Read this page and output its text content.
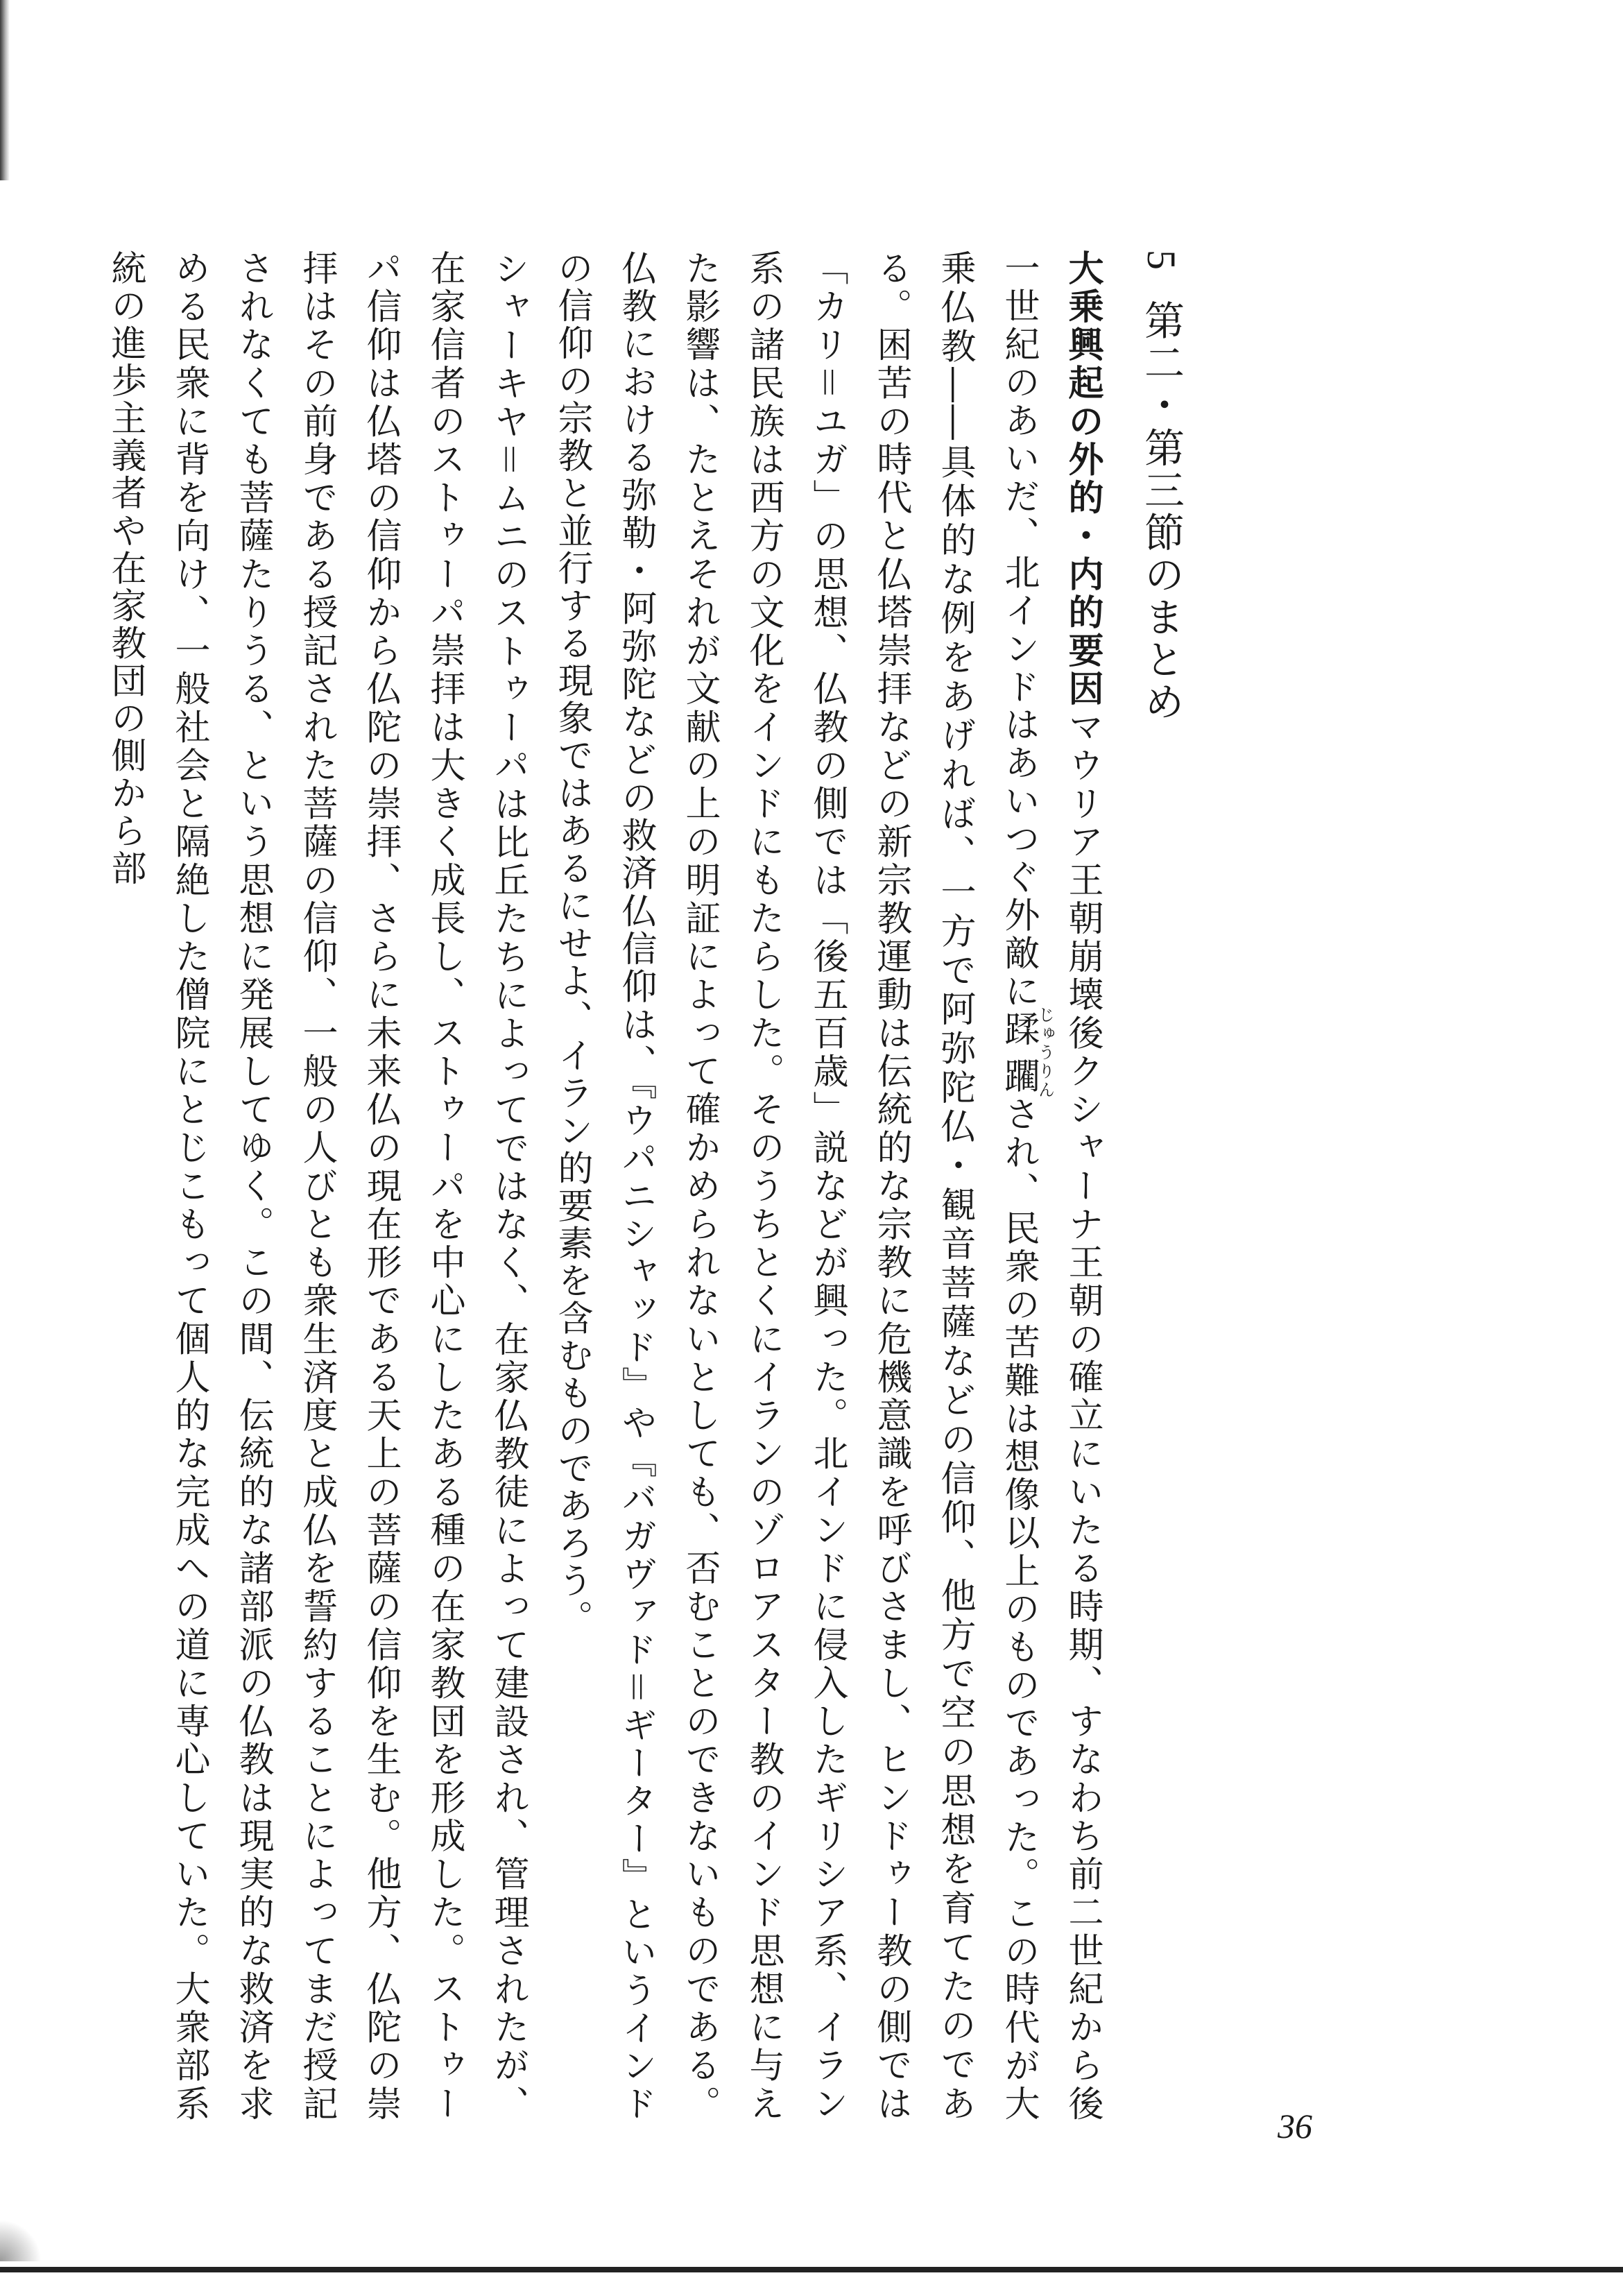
5第二・第三節のまとめ
大乗興起の外的・内的要因マウリア王朝崩壊後クシャーナ王朝の確立にいたる時期、すなわち前二世紀から後一世紀のあいだ、北インドはあいつぐ外敵に蹂躙じゅうりんされ、民衆の苦難は想像以上のものであった。この時代が大乗仏教――具体的な例をあげれば、一方で阿弥陀仏・観音菩薩などの信仰、他方で空の思想を育てたのである。困苦の時代と仏塔崇拝などの新宗教運動は伝統的な宗教に危機意識を呼びさまし、ヒンドゥー教の側では「カリ＝ユガ」の思想、仏教の側では「後五百歳」説などが興った。北インドに侵入したギリシア系、イラン系の諸民族は西方の文化をインドにもたらした。そのうちとくにイランのゾロアスター教のインド思想に与えた影響は、たとえそれが文献の上の明証によって確かめられないとしても、否むことのできないものである。仏教における弥勒・阿弥陀などの救済仏信仰は、『ウパニシャッド』や『バガヴァド＝ギーター』というインドの信仰の宗教と並行する現象ではあるにせよ、イラン的要素を含むものであろう。
シャーキヤ＝ムニのストゥーパは比丘たちによってではなく、在家仏教徒によって建設され、管理されたが、在家信者のストゥーパ崇拝は大きく成長し、ストゥーパを中心にしたある種の在家教団を形成した。ストゥーパ信仰は仏塔の信仰から仏陀の崇拝、さらに未来仏の現在形である天上の菩薩の信仰を生む。他方、仏陀の崇拝はその前身である授記された菩薩の信仰、一般の人びとも衆生済度と成仏を誓約することによってまだ授記されなくても菩薩たりうる、という思想に発展してゆく。この間、伝統的な諸部派の仏教は現実的な救済を求める民衆に背を向け、一般社会と隔絶した僧院にとじこもって個人的な完成への道に専心していた。大衆部系統の進歩主義者や在家教団の側から部
36
